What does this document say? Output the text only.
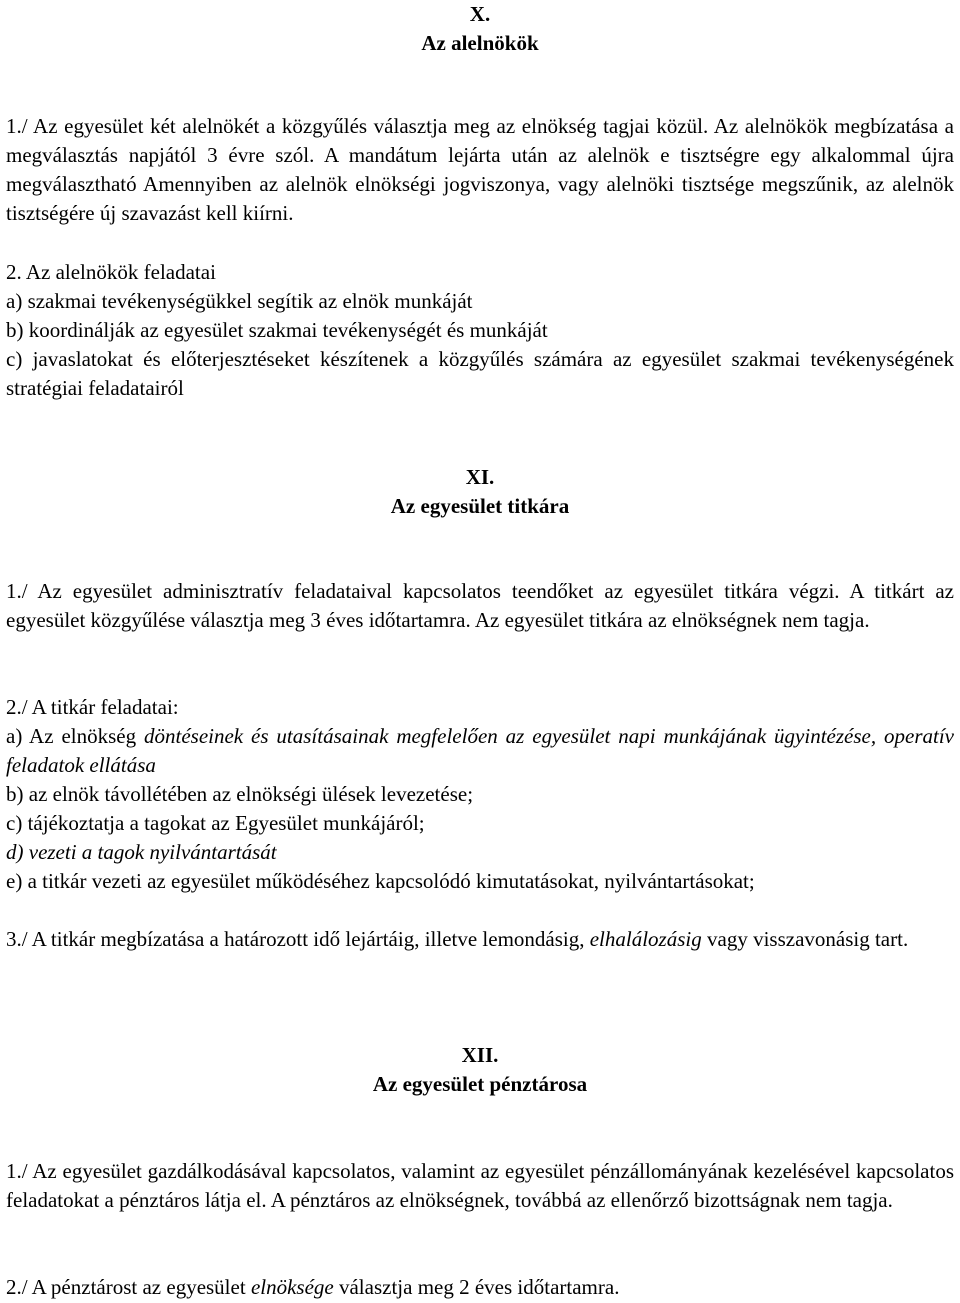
X.

Az alelnökök

1./ Az egyesület két alelnökét a közgyűlés választja meg az elnökség tagjai közül. Az alelnökök megbízatása a megválasztás napjától 3 évre szól. A mandátum lejárta után az alelnök e tisztségre egy alkalommal újra megválasztható Amennyiben az alelnök elnökségi jogviszonya, vagy alelnöki tisztsége megszűnik, az alelnök tisztségére új szavazást kell kiírni.

2. Az alelnökök feladatai

a) szakmai tevékenységükkel segítik az elnök munkáját

b) koordinálják az egyesület szakmai tevékenységét és munkáját

c) javaslatokat és előterjesztéseket készítenek a közgyűlés számára az egyesület szakmai tevékenységének stratégiai feladatairól

XI.

Az egyesület titkára

1./ Az egyesület adminisztratív feladataival kapcsolatos teendőket az egyesület titkára végzi. A titkárt az egyesület közgyűlése választja meg 3 éves időtartamra. Az egyesület titkára az elnökségnek nem tagja.

2./ A titkár feladatai:

a) Az elnökség döntéseinek és utasításainak megfelelően az egyesület napi munkájának ügyintézése, operatív feladatok ellátása

b) az elnök távollétében az elnökségi ülések levezetése;

c) tájékoztatja a tagokat az Egyesület munkájáról;

d) vezeti a tagok nyilvántartását

e) a titkár vezeti az egyesület működéséhez kapcsolódó kimutatásokat, nyilvántartásokat;

3./ A titkár megbízatása a határozott idő lejártáig, illetve lemondásig, elhalálozásig vagy visszavonásig tart.

XII.

Az egyesület pénztárosa

1./ Az egyesület gazdálkodásával kapcsolatos, valamint az egyesület pénzállományának kezelésével kapcsolatos feladatokat a pénztáros látja el. A pénztáros az elnökségnek, továbbá az ellenőrző bizottságnak nem tagja.

2./ A pénztárost az egyesület elnöksége választja meg 2 éves időtartamra.
